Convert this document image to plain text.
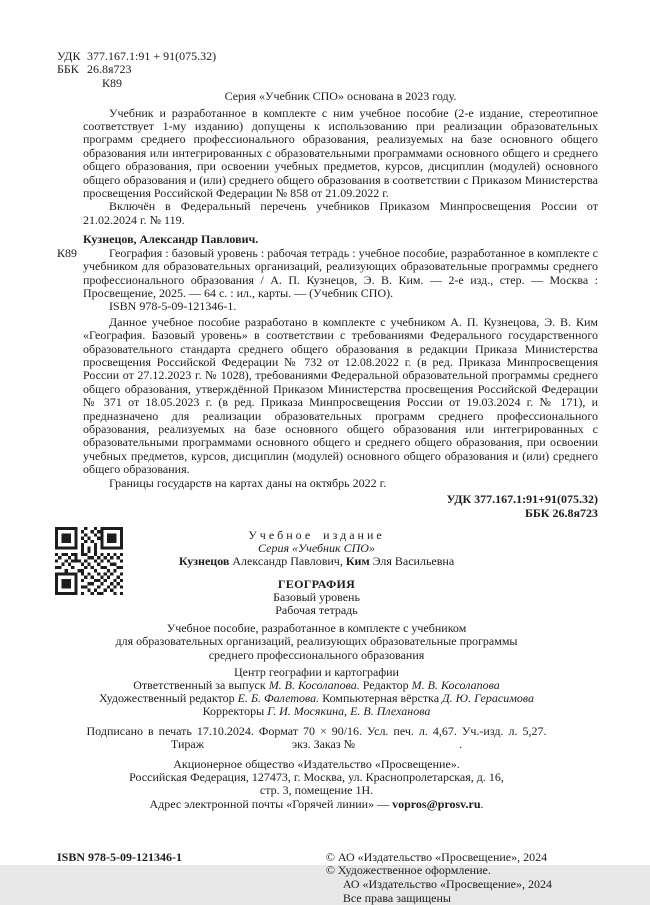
УДК 377.167.1:91 + 91(075.32)
ББК 26.8я723
К89
Серия «Учебник СПО» основана в 2023 году.

Учебник и разработанное в комплекте с ним учебное пособие (2-е издание, стереотипное соответствует 1-му изданию) допущены к использованию при реализации образовательных программ среднего профессионального образования, реализуемых на базе основного общего образования или интегрированных с образовательными программами основного общего и среднего общего образования, при освоении учебных предметов, курсов, дисциплин (модулей) основного общего образования и (или) среднего общего образования в соответствии с Приказом Министерства просвещения Российской Федерации № 858 от 21.09.2022 г.

Включён в Федеральный перечень учебников Приказом Минпросвещения России от 21.02.2024 г. № 119.

Кузнецов, Александр Павлович.
К89	География : базовый уровень : рабочая тетрадь : учебное пособие, разработанное в комплекте с учебником для образовательных организаций, реализующих образовательные программы среднего профессионального образования / А. П. Кузнецов, Э. В. Ким. — 2-е изд., стер. — Москва : Просвещение, 2025. — 64 с. : ил., карты. — (Учебник СПО).

ISBN 978-5-09-121346-1.

Данное учебное пособие разработано в комплекте с учебником А. П. Кузнецова, Э. В. Ким «География. Базовый уровень» в соответствии с требованиями Федерального государственного образовательного стандарта среднего общего образования в редакции Приказа Министерства просвещения Российской Федерации № 732 от 12.08.2022 г. (в ред. Приказа Минпросвещения России от 27.12.2023 г. № 1028), требованиями Федеральной образовательной программы среднего общего образования, утверждённой Приказом Министерства просвещения Российской Федерации № 371 от 18.05.2023 г. (в ред. Приказа Минпросвещения России от 19.03.2024 г. № 171), и предназначено для реализации образовательных программ среднего профессионального образования, реализуемых на базе основного общего образования или интегрированных с образовательными программами основного общего и среднего общего образования, при освоении учебных предметов, курсов, дисциплин (модулей) основного общего образования и (или) среднего общего образования.

Границы государств на картах даны на октябрь 2022 г.

УДК 377.167.1:91+91(075.32)
ББК 26.8я723
Учебное издание
Серия «Учебник СПО»
Кузнецов Александр Павлович, Ким Эля Васильевна
ГЕОГРАФИЯ
Базовый уровень
Рабочая тетрадь
Учебное пособие, разработанное в комплекте с учебником
для образовательных организаций, реализующих образовательные программы
среднего профессионального образования
Центр географии и картографии
Ответственный за выпуск М. В. Косолапова. Редактор М. В. Косолапова
Художественный редактор Е. Б. Фалетова. Компьютерная вёрстка Д. Ю. Герасимова
Корректоры Г. И. Мосякина, Е. В. Плеханова
Подписано в печать 17.10.2024. Формат 70 × 90/16. Усл. печ. л. 4,67. Уч.-изд. л. 5,27.
Тираж	экз. Заказ №	.
Акционерное общество «Издательство «Просвещение».
Российская Федерация, 127473, г. Москва, ул. Краснопролетарская, д. 16,
стр. 3, помещение 1Н.
Адрес электронной почты «Горячей линии» — vopros@prosv.ru.
ISBN 978-5-09-121346-1	© АО «Издательство «Просвещение», 2024
© Художественное оформление.
АО «Издательство «Просвещение», 2024
Все права защищены
